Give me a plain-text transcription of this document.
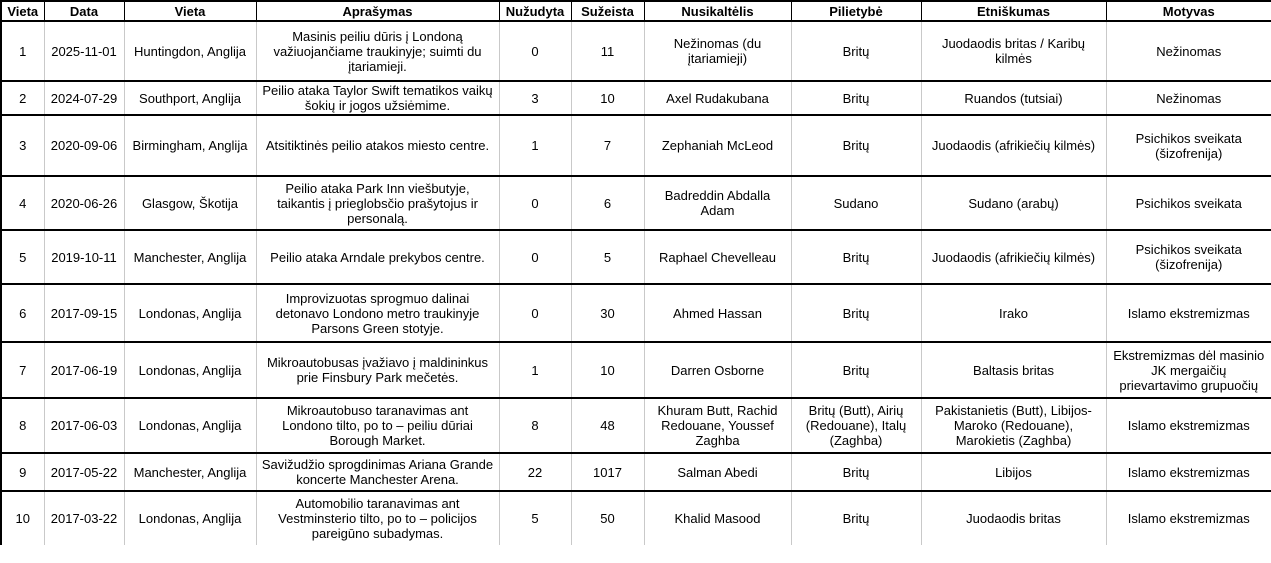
Vieta	Data	Vieta	Aprašymas	Nužudyta	Sužeista	Nusikaltėlis	Pilietybė	Etniškumas	Motyvas
1	2025-11-01	Huntingdon, Anglija	Masinis peiliu dūris į Londoną važiuojančiame traukinyje; suimti du įtariamieji.	0	11	Nežinomas (du įtariamieji)	Britų	Juodaodis britas / Karibų kilmės	Nežinomas
2	2024-07-29	Southport, Anglija	Peilio ataka Taylor Swift tematikos vaikų šokių ir jogos užsiėmime.	3	10	Axel Rudakubana	Britų	Ruandos (tutsiai)	Nežinomas
3	2020-09-06	Birmingham, Anglija	Atsitiktinės peilio atakos miesto centre.	1	7	Zephaniah McLeod	Britų	Juodaodis (afrikiečių kilmės)	Psichikos sveikata (šizofrenija)
4	2020-06-26	Glasgow, Škotija	Peilio ataka Park Inn viešbutyje, taikantis į prieglobsčio prašytojus ir personalą.	0	6	Badreddin Abdalla Adam	Sudano	Sudano (arabų)	Psichikos sveikata
5	2019-10-11	Manchester, Anglija	Peilio ataka Arndale prekybos centre.	0	5	Raphael Chevelleau	Britų	Juodaodis (afrikiečių kilmės)	Psichikos sveikata (šizofrenija)
6	2017-09-15	Londonas, Anglija	Improvizuotas sprogmuo dalinai detonavo Londono metro traukinyje Parsons Green stotyje.	0	30	Ahmed Hassan	Britų	Irako	Islamo ekstremizmas
7	2017-06-19	Londonas, Anglija	Mikroautobusas įvažiavo į maldininkus prie Finsbury Park mečetės.	1	10	Darren Osborne	Britų	Baltasis britas	Ekstremizmas dėl masinio JK mergaičių prievartavimo grupuočių
8	2017-06-03	Londonas, Anglija	Mikroautobuso taranavimas ant Londono tilto, po to – peiliu dūriai Borough Market.	8	48	Khuram Butt, Rachid Redouane, Youssef Zaghba	Britų (Butt), Airių (Redouane), Italų (Zaghba)	Pakistanietis (Butt), Libijos-Maroko (Redouane), Marokietis (Zaghba)	Islamo ekstremizmas
9	2017-05-22	Manchester, Anglija	Savižudžio sprogdinimas Ariana Grande koncerte Manchester Arena.	22	1017	Salman Abedi	Britų	Libijos	Islamo ekstremizmas
10	2017-03-22	Londonas, Anglija	Automobilio taranavimas ant Vestminsterio tilto, po to – policijos pareigūno subadymas.	5	50	Khalid Masood	Britų	Juodaodis britas	Islamo ekstremizmas
